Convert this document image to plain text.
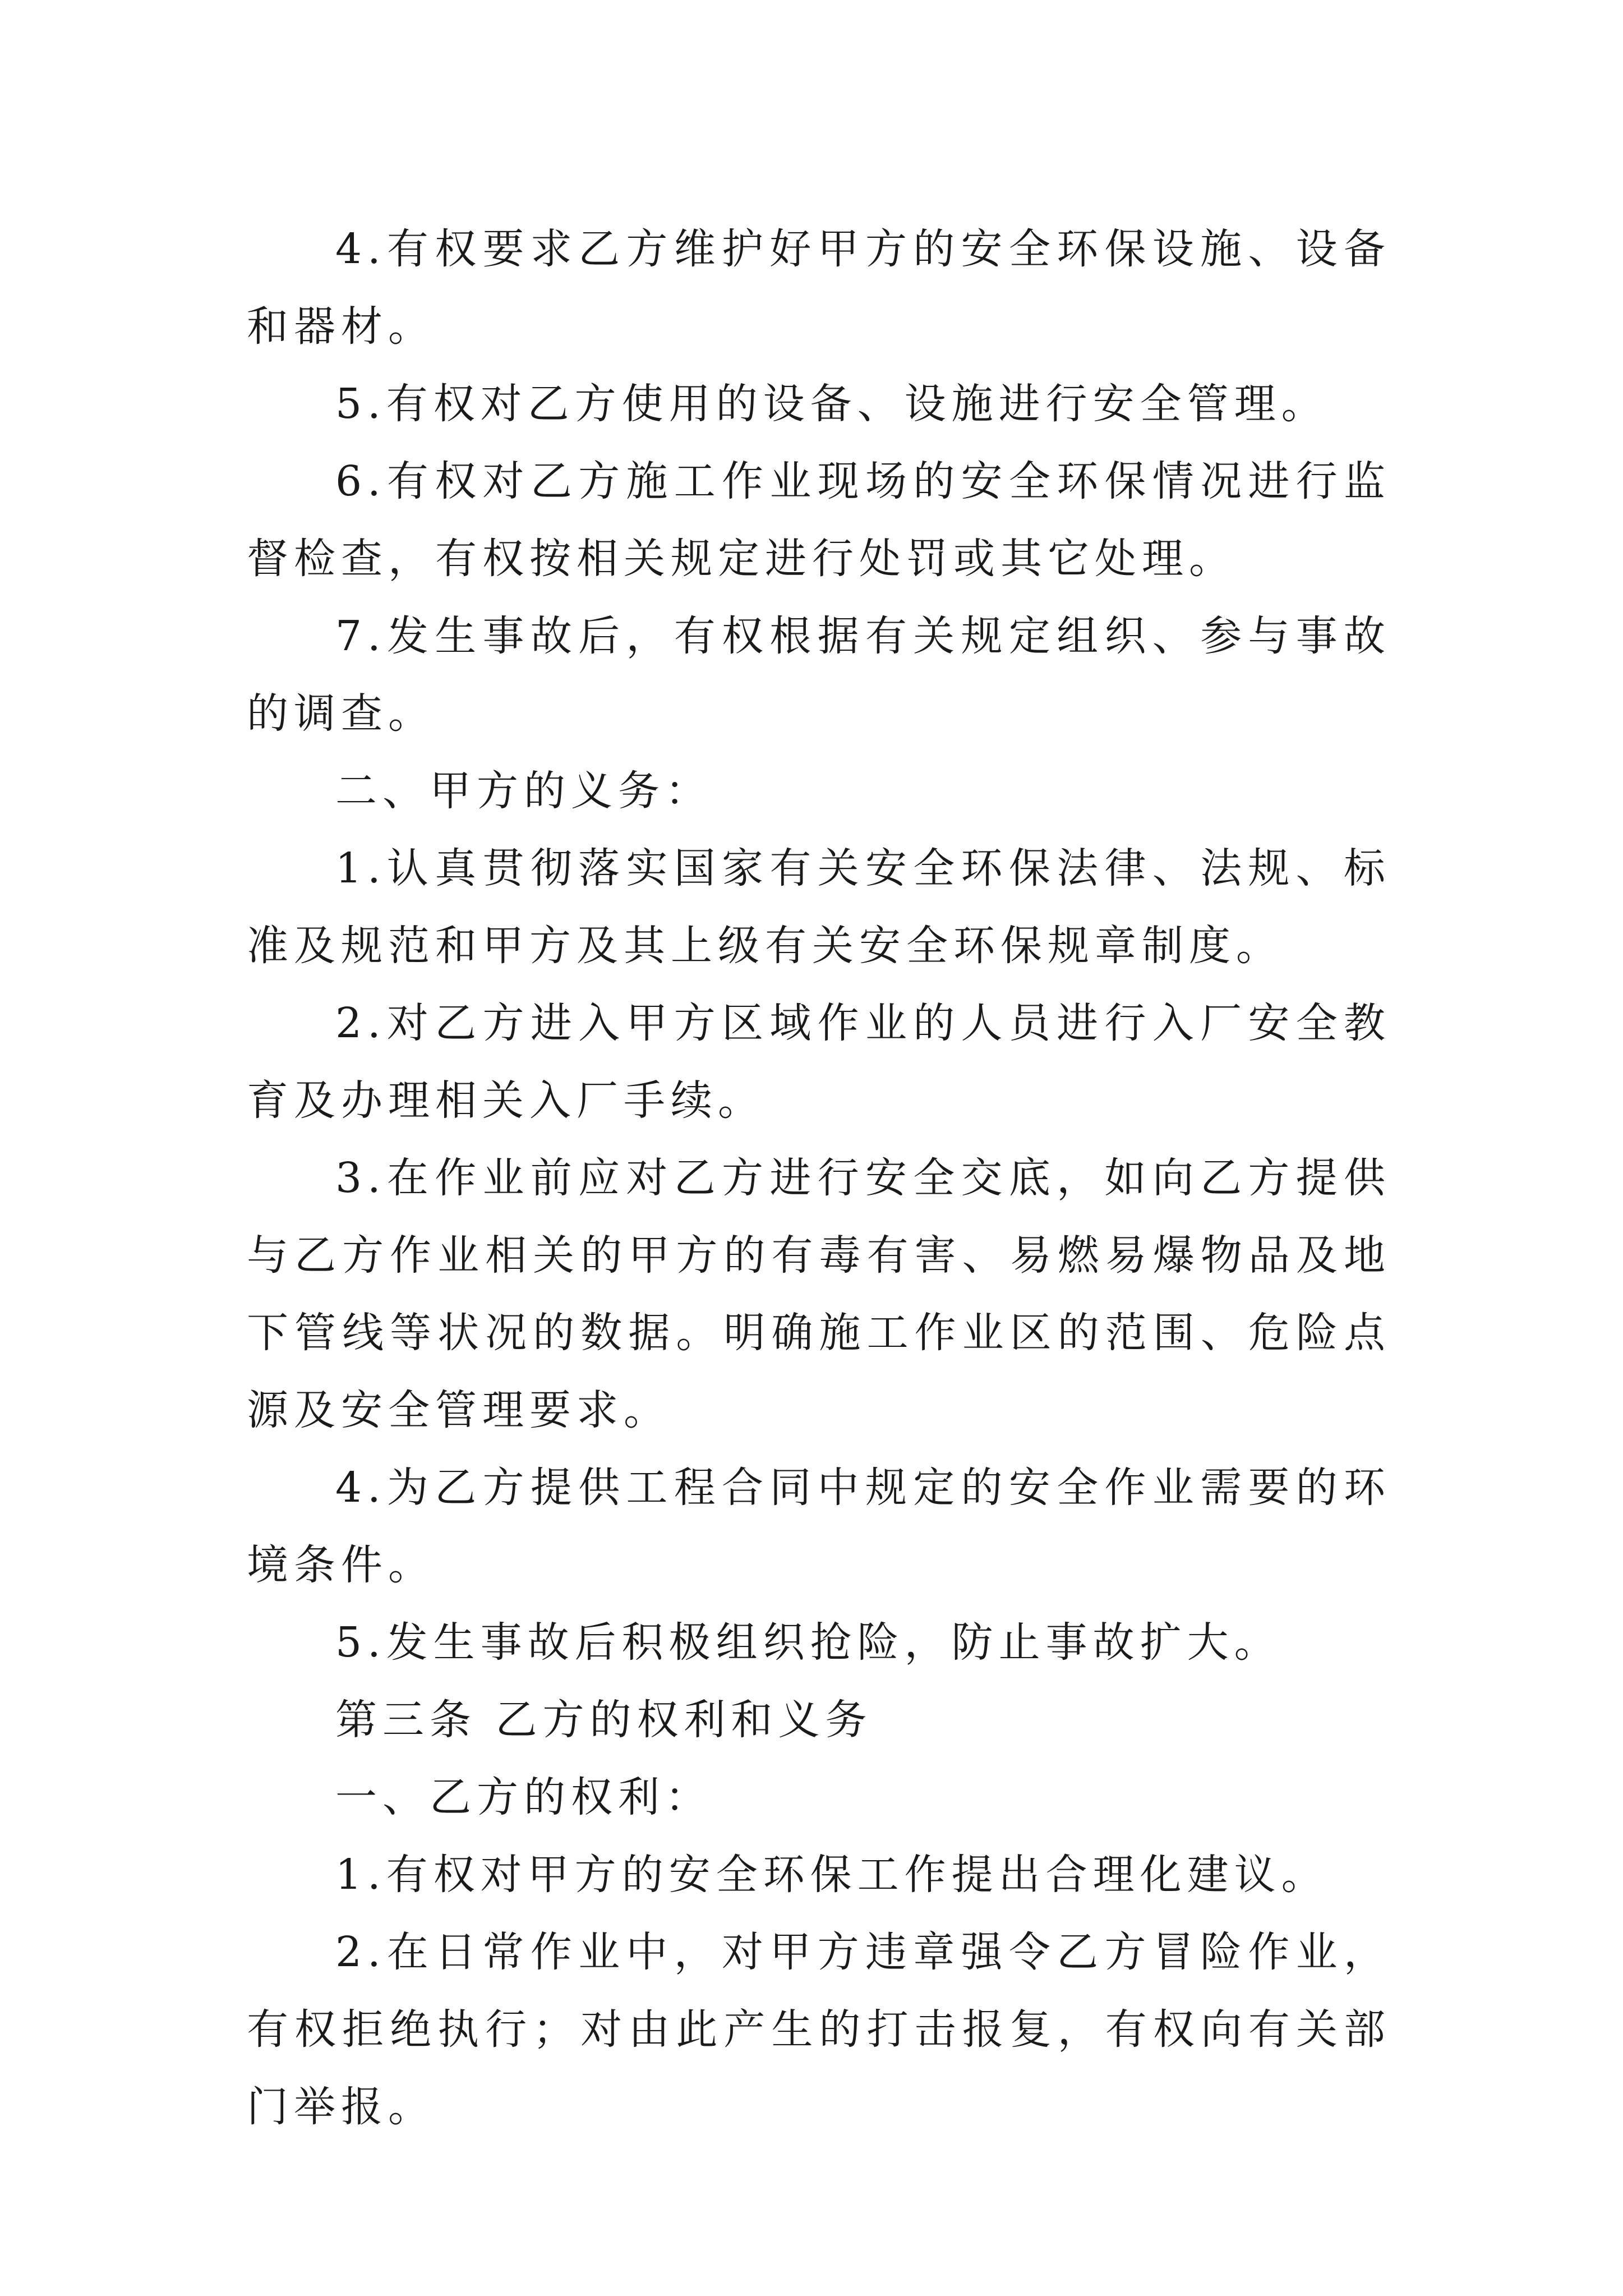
4.有权要求乙方维护好甲方的安全环保设施、设备和器材。

5.有权对乙方使用的设备、设施进行安全管理。

6.有权对乙方施工作业现场的安全环保情况进行监督检查，有权按相关规定进行处罚或其它处理。

7.发生事故后，有权根据有关规定组织、参与事故的调查。

二、甲方的义务：

1.认真贯彻落实国家有关安全环保法律、法规、标准及规范和甲方及其上级有关安全环保规章制度。

2.对乙方进入甲方区域作业的人员进行入厂安全教育及办理相关入厂手续。

3.在作业前应对乙方进行安全交底，如向乙方提供与乙方作业相关的甲方的有毒有害、易燃易爆物品及地下管线等状况的数据。明确施工作业区的范围、危险点源及安全管理要求。

4.为乙方提供工程合同中规定的安全作业需要的环境条件。

5.发生事故后积极组织抢险，防止事故扩大。

第三条 乙方的权利和义务

一、乙方的权利：

1.有权对甲方的安全环保工作提出合理化建议。

2.在日常作业中，对甲方违章强令乙方冒险作业，有权拒绝执行；对由此产生的打击报复，有权向有关部门举报。
